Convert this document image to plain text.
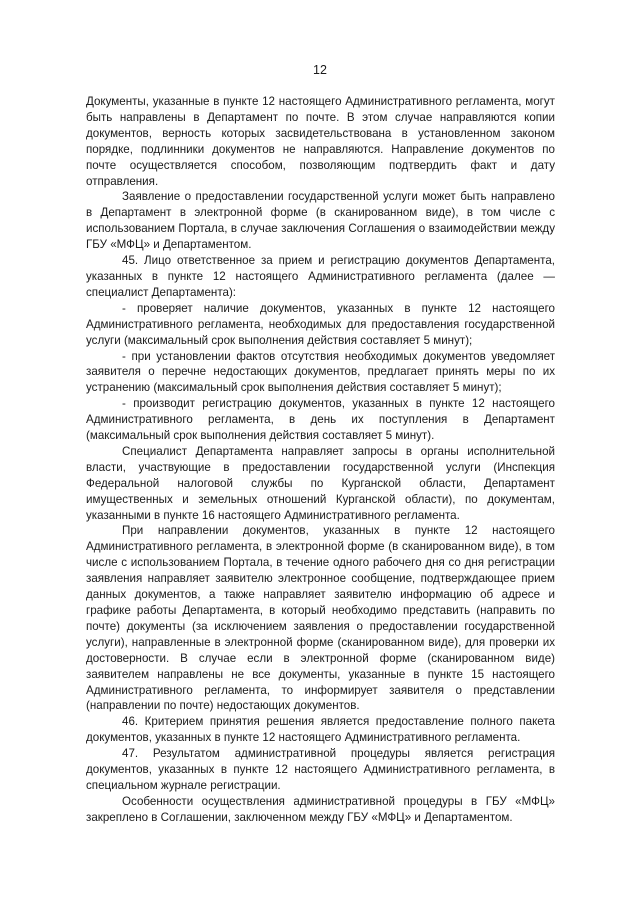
12

Документы, указанные в пункте 12 настоящего Административного регламента, могут быть направлены в Департамент по почте. В этом случае направляются копии документов, верность которых засвидетельствована в установленном законом порядке, подлинники документов не направляются. Направление документов по почте осуществляется способом, позволяющим подтвердить факт и дату отправления.

Заявление о предоставлении государственной услуги может быть направлено в Департамент в электронной форме (в сканированном виде), в том числе с использованием Портала, в случае заключения Соглашения о взаимодействии между ГБУ «МФЦ» и Департаментом.

45. Лицо ответственное за прием и регистрацию документов Департамента, указанных в пункте 12 настоящего Административного регламента (далее — специалист Департамента):

- проверяет наличие документов, указанных в пункте 12 настоящего Административного регламента, необходимых для предоставления государственной услуги (максимальный срок выполнения действия составляет 5 минут);

- при установлении фактов отсутствия необходимых документов уведомляет заявителя о перечне недостающих документов, предлагает принять меры по их устранению (максимальный срок выполнения действия составляет 5 минут);

- производит регистрацию документов, указанных в пункте 12 настоящего Административного регламента, в день их поступления в Департамент (максимальный срок выполнения действия составляет 5 минут).

Специалист Департамента направляет запросы в органы исполнительной власти, участвующие в предоставлении государственной услуги (Инспекция Федеральной налоговой службы по Курганской области, Департамент имущественных и земельных отношений Курганской области), по документам, указанными в пункте 16 настоящего Административного регламента.

При направлении документов, указанных в пункте 12 настоящего Административного регламента, в электронной форме (в сканированном виде), в том числе с использованием Портала, в течение одного рабочего дня со дня регистрации заявления направляет заявителю электронное сообщение, подтверждающее прием данных документов, а также направляет заявителю информацию об адресе и графике работы Департамента, в который необходимо представить (направить по почте) документы (за исключением заявления о предоставлении государственной услуги), направленные в электронной форме (сканированном виде), для проверки их достоверности. В случае если в электронной форме (сканированном виде) заявителем направлены не все документы, указанные в пункте 15 настоящего Административного регламента, то информирует заявителя о представлении (направлении по почте) недостающих документов.

46. Критерием принятия решения является предоставление полного пакета документов, указанных в пункте 12 настоящего Административного регламента.

47. Результатом административной процедуры является регистрация документов, указанных в пункте 12 настоящего Административного регламента, в специальном журнале регистрации.

Особенности осуществления административной процедуры в ГБУ «МФЦ» закреплено в Соглашении, заключенном между ГБУ «МФЦ» и Департаментом.
